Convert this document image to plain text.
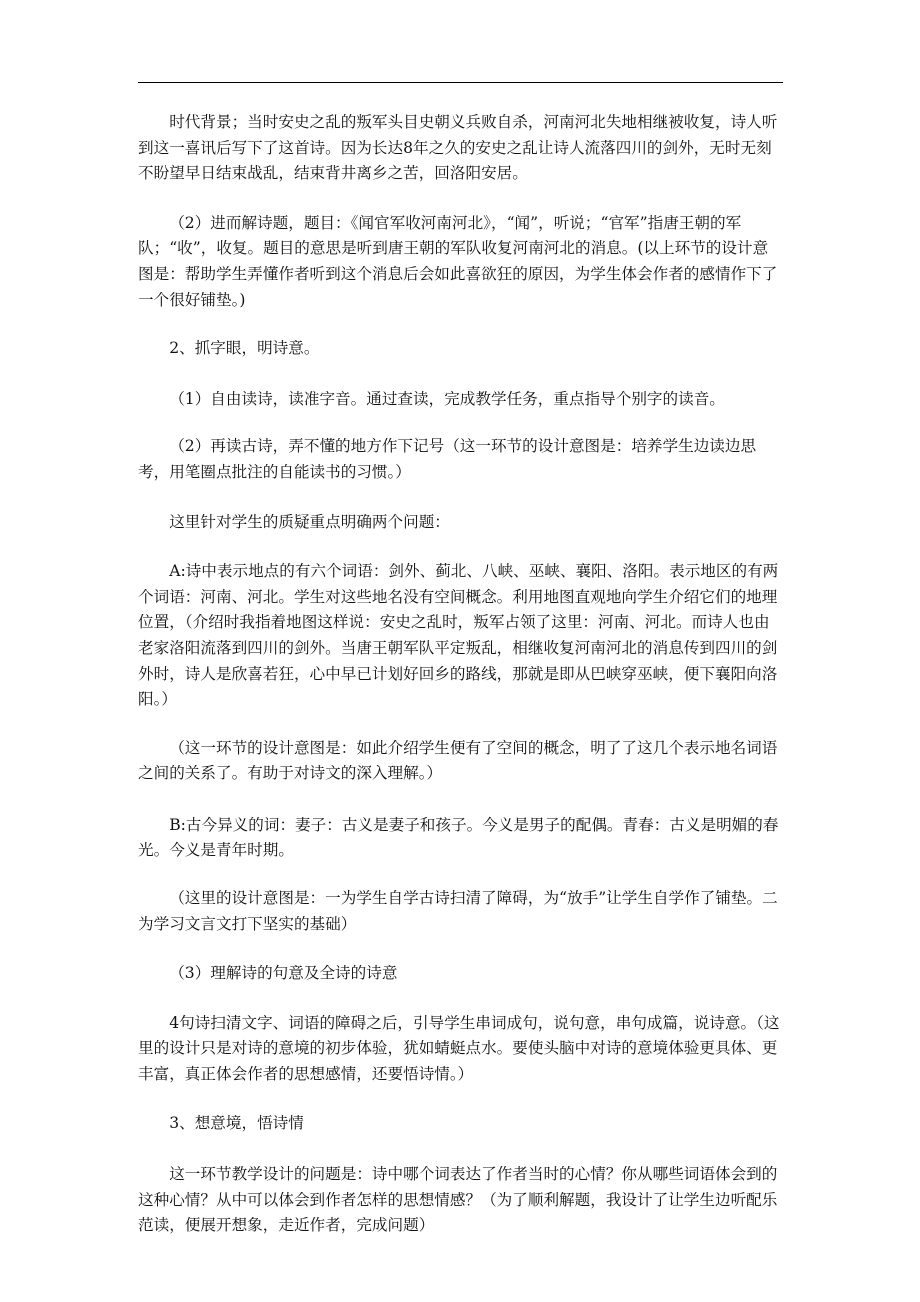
时代背景；当时安史之乱的叛军头目史朝义兵败自杀，河南河北失地相继被收复，诗人听到这一喜讯后写下了这首诗。因为长达8年之久的安史之乱让诗人流落四川的剑外，无时无刻不盼望早日结束战乱，结束背井离乡之苦，回洛阳安居。

（2）进而解诗题，题目：《闻官军收河南河北》，“闻”，听说；“官军”指唐王朝的军队；“收”，收复。题目的意思是听到唐王朝的军队收复河南河北的消息。(以上环节的设计意图是：帮助学生弄懂作者听到这个消息后会如此喜欲狂的原因，为学生体会作者的感情作下了一个很好铺垫。)

2、抓字眼，明诗意。

（1）自由读诗，读准字音。通过查读，完成教学任务，重点指导个别字的读音。

（2）再读古诗，弄不懂的地方作下记号（这一环节的设计意图是：培养学生边读边思考，用笔圈点批注的自能读书的习惯。）

这里针对学生的质疑重点明确两个问题：

A:诗中表示地点的有六个词语：剑外、蓟北、八峡、巫峡、襄阳、洛阳。表示地区的有两个词语：河南、河北。学生对这些地名没有空间概念。利用地图直观地向学生介绍它们的地理位置，（介绍时我指着地图这样说：安史之乱时，叛军占领了这里：河南、河北。而诗人也由老家洛阳流落到四川的剑外。当唐王朝军队平定叛乱，相继收复河南河北的消息传到四川的剑外时，诗人是欣喜若狂，心中早已计划好回乡的路线，那就是即从巴峡穿巫峡，便下襄阳向洛阳。）

（这一环节的设计意图是：如此介绍学生便有了空间的概念，明了了这几个表示地名词语之间的关系了。有助于对诗文的深入理解。）

B:古今异义的词：妻子：古义是妻子和孩子。今义是男子的配偶。青春：古义是明媚的春光。今义是青年时期。

（这里的设计意图是：一为学生自学古诗扫清了障碍，为“放手”让学生自学作了铺垫。二为学习文言文打下坚实的基础）

（3）理解诗的句意及全诗的诗意

4句诗扫清文字、词语的障碍之后，引导学生串词成句，说句意，串句成篇，说诗意。（这里的设计只是对诗的意境的初步体验，犹如蜻蜓点水。要使头脑中对诗的意境体验更具体、更丰富，真正体会作者的思想感情，还要悟诗情。）

3、想意境，悟诗情

这一环节教学设计的问题是：诗中哪个词表达了作者当时的心情？你从哪些词语体会到的这种心情？从中可以体会到作者怎样的思想情感？（为了顺利解题，我设计了让学生边听配乐范读，便展开想象，走近作者，完成问题）
